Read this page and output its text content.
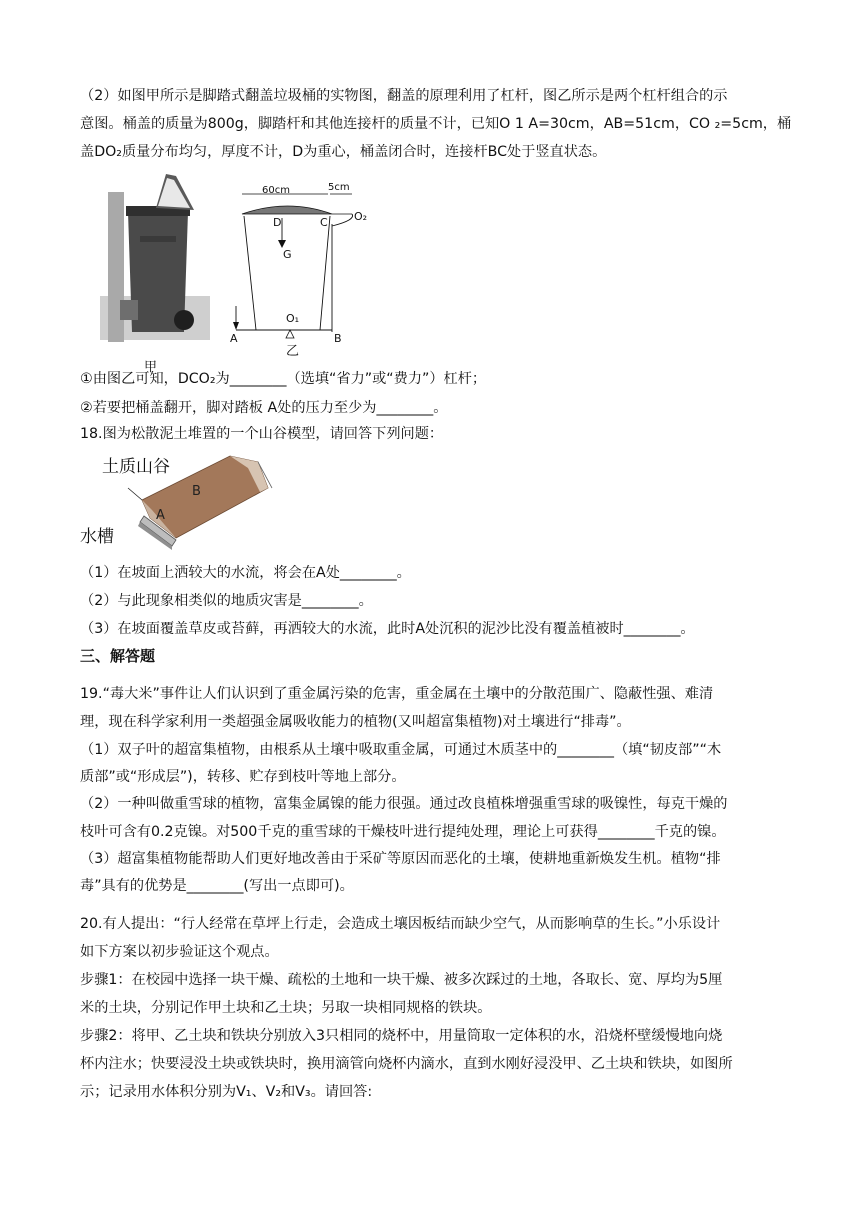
（2）如图甲所示是脚踏式翻盖垃圾桶的实物图，翻盖的原理利用了杠杆，图乙所示是两个杠杆组合的示
意图。桶盖的质量为800g，脚踏杆和其他连接杆的质量不计，已知O 1 A=30cm，AB=51cm，CO ₂=5cm，桶
盖DO₂质量分布均匀，厚度不计，D为重心，桶盖闭合时，连接杆BC处于竖直状态。
甲
60cm	5cm
D	C O₂
G
A
O₁
B
乙
①由图乙可知，DCO₂为________（选填“省力”或“费力”）杠杆；
②若要把桶盖翻开，脚对踏板 A处的压力至少为________。
18.图为松散泥土堆置的一个山谷模型，请回答下列问题：
土质山谷
B
A
水槽
（1）在坡面上洒较大的水流，将会在A处________。
（2）与此现象相类似的地质灾害是________。
（3）在坡面覆盖草皮或苔藓，再洒较大的水流，此时A处沉积的泥沙比没有覆盖植被时________。
三、解答题
19.“毒大米”事件让人们认识到了重金属污染的危害，重金属在土壤中的分散范围广、隐蔽性强、难清
理，现在科学家利用一类超强金属吸收能力的植物(又叫超富集植物)对土壤进行“排毒”。
（1）双子叶的超富集植物，由根系从土壤中吸取重金属，可通过木质茎中的________（填“韧皮部”“木
质部”或“形成层”)，转移、贮存到枝叶等地上部分。
（2）一种叫做重雪球的植物，富集金属镍的能力很强。通过改良植株增强重雪球的吸镍性，每克干燥的
枝叶可含有0.2克镍。对500千克的重雪球的干燥枝叶进行提纯处理，理论上可获得________千克的镍。
（3）超富集植物能帮助人们更好地改善由于采矿等原因而恶化的土壤，使耕地重新焕发生机。植物“排
毒”具有的优势是________(写出一点即可)。
20.有人提出：“行人经常在草坪上行走，会造成土壤因板结而缺少空气，从而影响草的生长。”小乐设计
如下方案以初步验证这个观点。
步骤1：在校园中选择一块干燥、疏松的土地和一块干燥、被多次踩过的土地，各取长、宽、厚均为5厘
米的土块，分别记作甲土块和乙土块；另取一块相同规格的铁块。
步骤2：将甲、乙土块和铁块分别放入3只相同的烧杯中，用量筒取一定体积的水，沿烧杯壁缓慢地向烧
杯内注水；快要浸没土块或铁块时，换用滴管向烧杯内滴水，直到水刚好浸没甲、乙土块和铁块，如图所
示；记录用水体积分别为V₁、V₂和V₃。请回答:
